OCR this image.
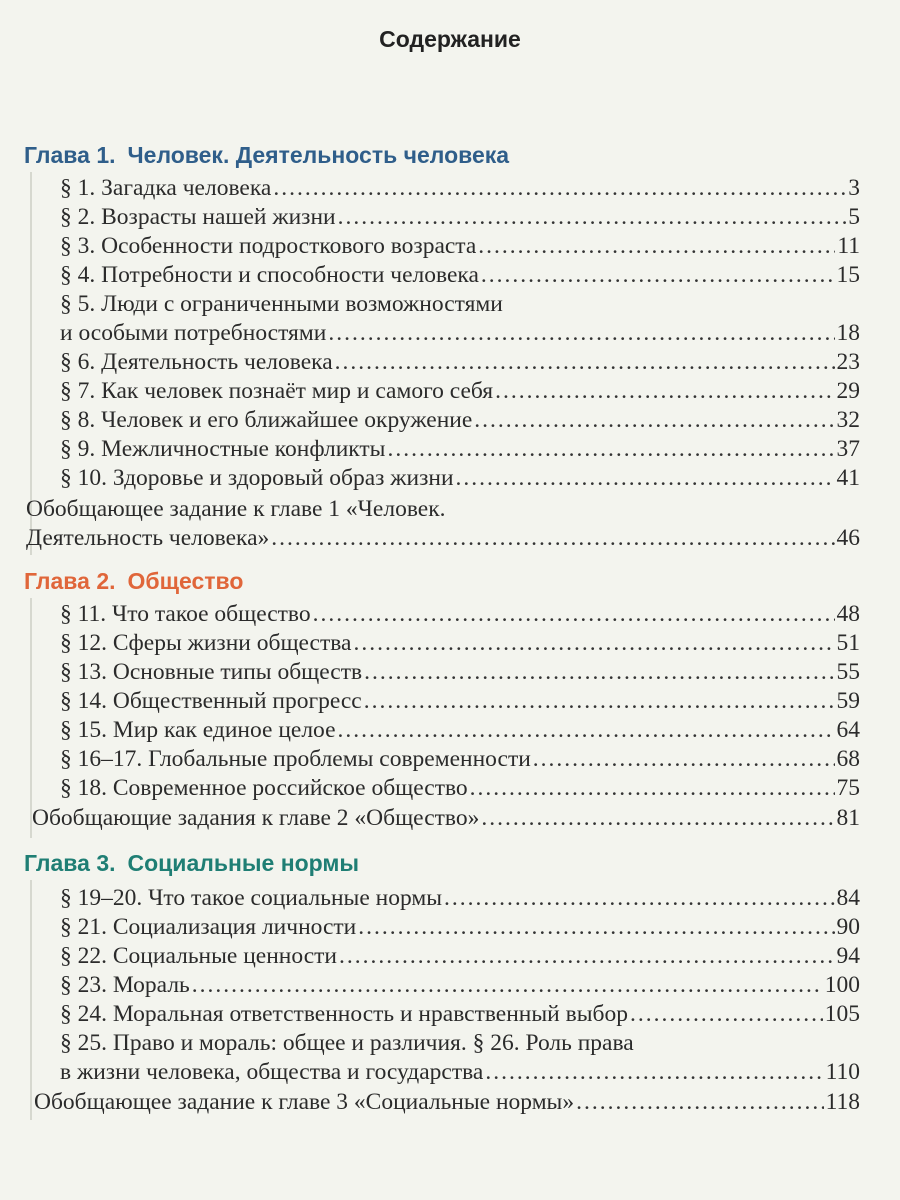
Содержание
Глава 1. Человек. Деятельность человека
§ 1. Загадка человека .....	3
§ 2. Возрасты нашей жизни .....	5
§ 3. Особенности подросткового возраста .....	11
§ 4. Потребности и способности человека .....	15
§ 5. Люди с ограниченными возможностями
и особыми потребностями .....	18
§ 6. Деятельность человека .....	23
§ 7. Как человек познаёт мир и самого себя .....	29
§ 8. Человек и его ближайшее окружение .....	32
§ 9. Межличностные конфликты .....	37
§ 10. Здоровье и здоровый образ жизни .....	41
Обобщающее задание к главе 1 «Человек.
Деятельность человека» .....	46
Глава 2. Общество
§ 11. Что такое общество .....	48
§ 12. Сферы жизни общества .....	51
§ 13. Основные типы обществ .....	55
§ 14. Общественный прогресс .....	59
§ 15. Мир как единое целое .....	64
§ 16–17. Глобальные проблемы современности .....	68
§ 18. Современное российское общество .....	75
Обобщающие задания к главе 2 «Общество» .....	81
Глава 3. Социальные нормы
§ 19–20. Что такое социальные нормы .....	84
§ 21. Социализация личности .....	90
§ 22. Социальные ценности .....	94
§ 23. Мораль .....	100
§ 24. Моральная ответственность и нравственный выбор .....	105
§ 25. Право и мораль: общее и различия. § 26. Роль права
в жизни человека, общества и государства .....	110
Обобщающее задание к главе 3 «Социальные нормы» .....	118
